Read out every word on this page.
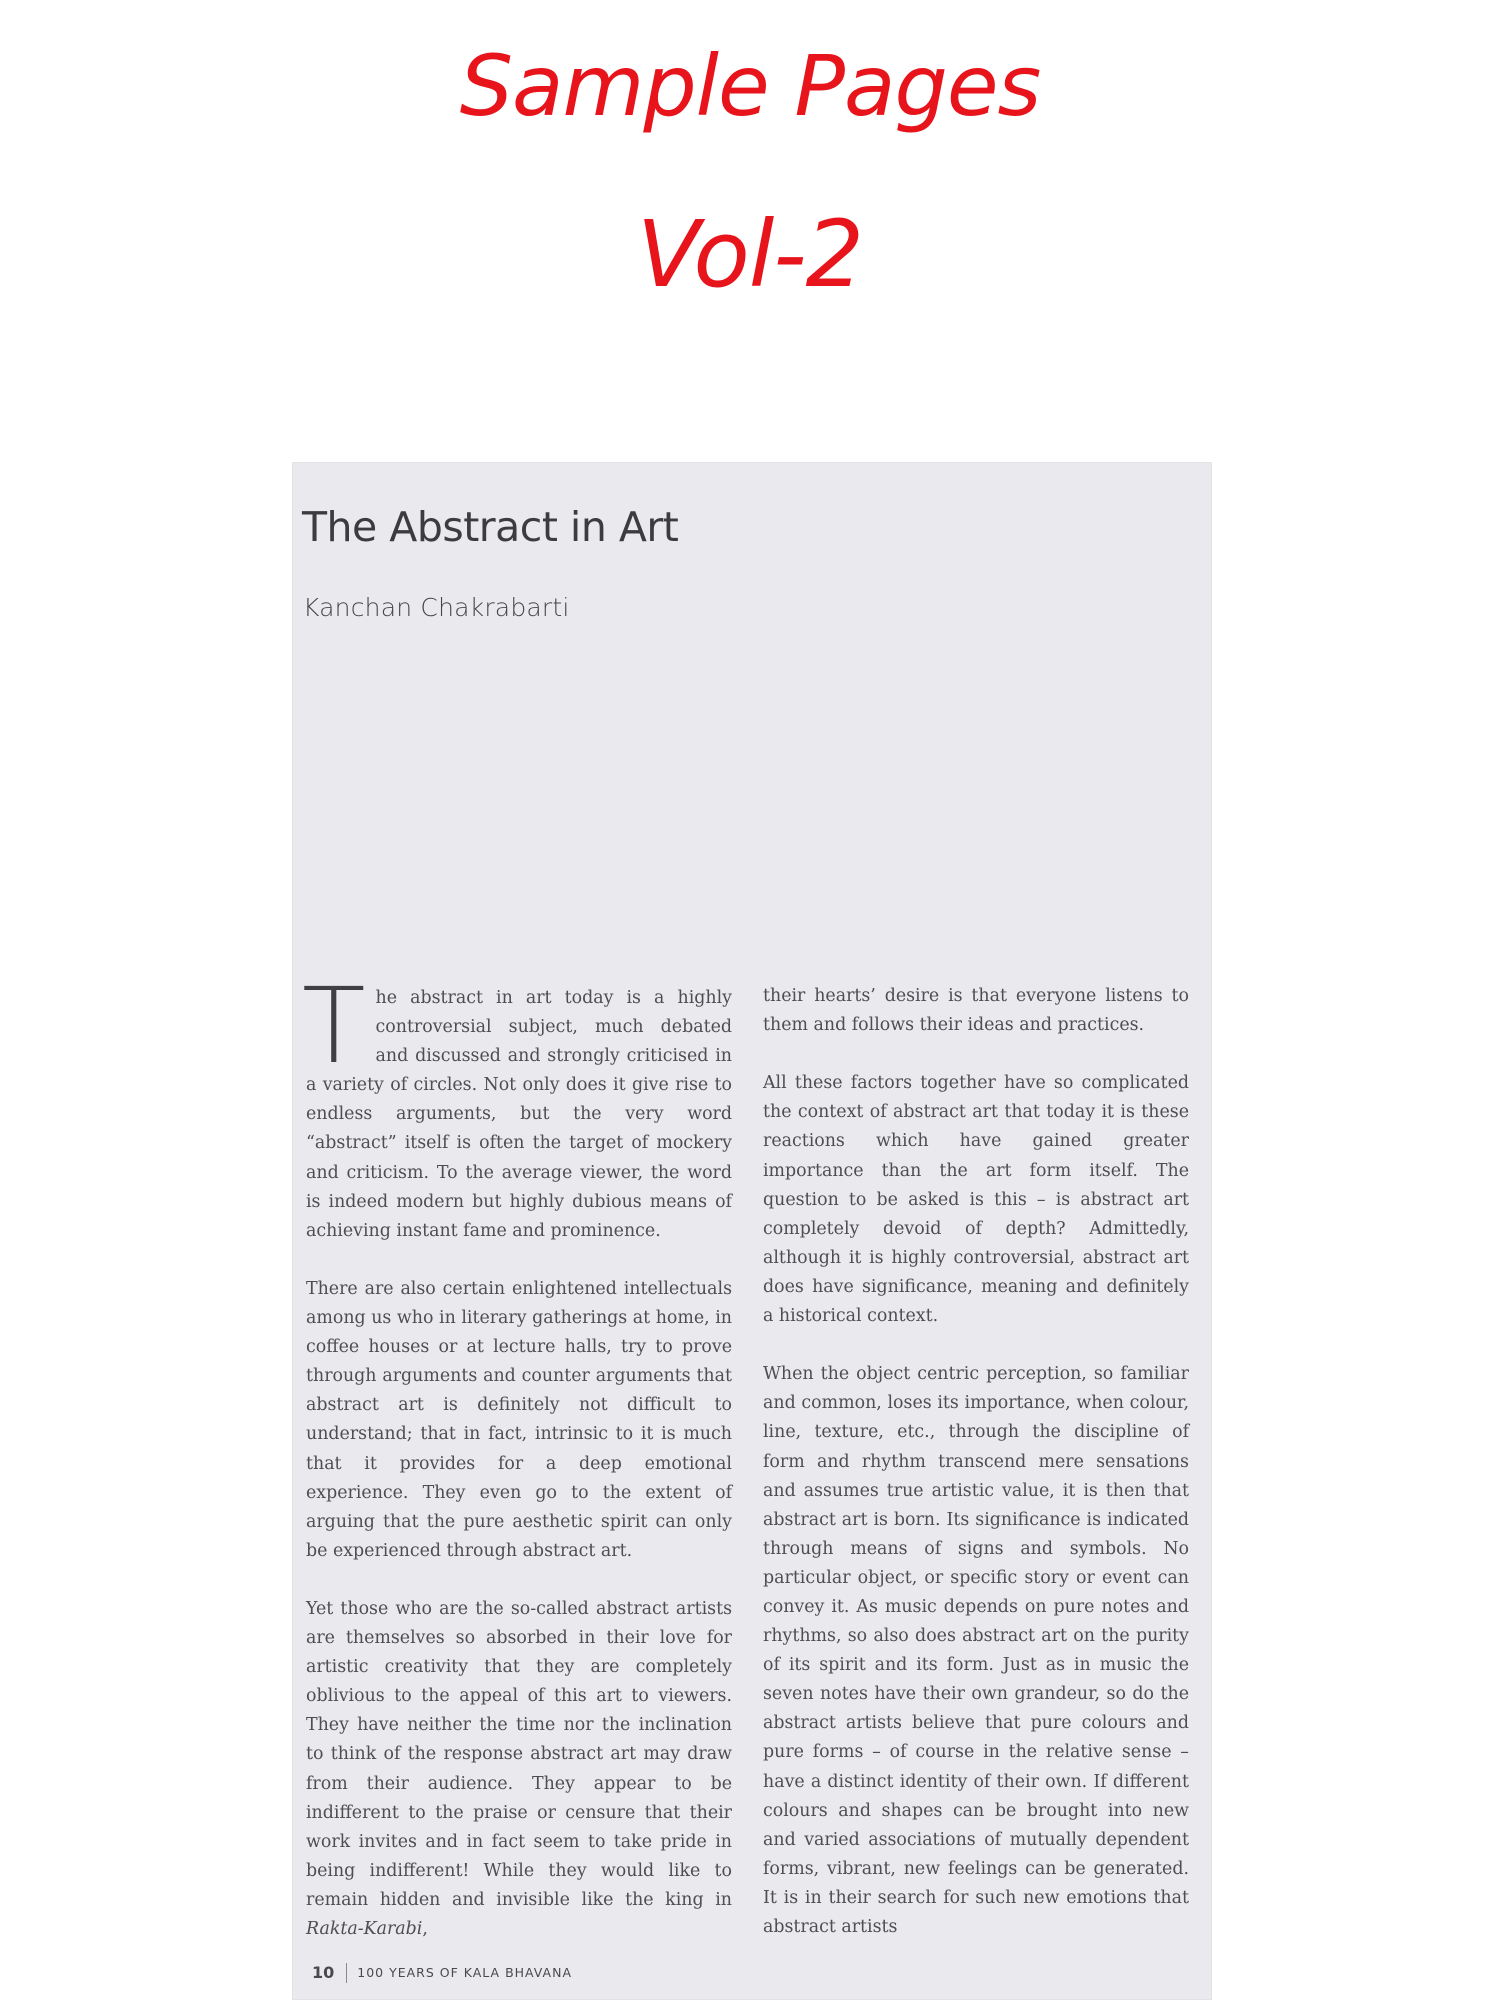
Sample Pages
Vol-2
The Abstract in Art
Kanchan Chakrabarti

The abstract in art today is a highly controversial subject, much debated and discussed and strongly criticised in a variety of circles. Not only does it give rise to endless arguments, but the very word “abstract” itself is often the target of mockery and criticism. To the average viewer, the word is indeed modern but highly dubious means of achieving instant fame and prominence.

There are also certain enlightened intellectuals among us who in literary gatherings at home, in coffee houses or at lecture halls, try to prove through arguments and counter arguments that abstract art is definitely not difficult to understand; that in fact, intrinsic to it is much that it provides for a deep emotional experience. They even go to the extent of arguing that the pure aesthetic spirit can only be experienced through abstract art.

Yet those who are the so-called abstract artists are themselves so absorbed in their love for artistic creativity that they are completely oblivious to the appeal of this art to viewers. They have neither the time nor the inclination to think of the response abstract art may draw from their audience. They appear to be indifferent to the praise or censure that their work invites and in fact seem to take pride in being indifferent! While they would like to remain hidden and invisible like the king in Rakta-Karabi,

their hearts’ desire is that everyone listens to them and follows their ideas and practices.

All these factors together have so complicated the context of abstract art that today it is these reactions which have gained greater importance than the art form itself. The question to be asked is this – is abstract art completely devoid of depth? Admittedly, although it is highly controversial, abstract art does have significance, meaning and definitely a historical context.

When the object centric perception, so familiar and common, loses its importance, when colour, line, texture, etc., through the discipline of form and rhythm transcend mere sensations and assumes true artistic value, it is then that abstract art is born. Its significance is indicated through means of signs and symbols. No particular object, or specific story or event can convey it. As music depends on pure notes and rhythms, so also does abstract art on the purity of its spirit and its form. Just as in music the seven notes have their own grandeur, so do the abstract artists believe that pure colours and pure forms – of course in the relative sense – have a distinct identity of their own. If different colours and shapes can be brought into new and varied associations of mutually dependent forms, vibrant, new feelings can be generated. It is in their search for such new emotions that abstract artists

10 100 YEARS OF KALA BHAVANA
